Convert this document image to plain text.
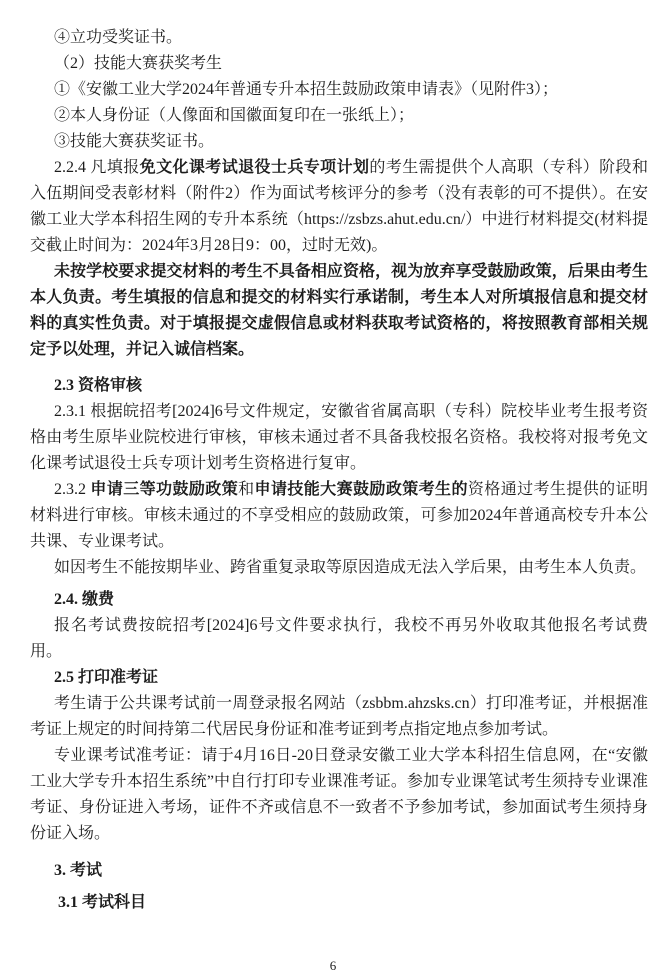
④立功受奖证书。

（2）技能大赛获奖考生

①《安徽工业大学2024年普通专升本招生鼓励政策申请表》（见附件3）；

②本人身份证（人像面和国徽面复印在一张纸上）；

③技能大赛获奖证书。

2.2.4 凡填报免文化课考试退役士兵专项计划的考生需提供个人高职（专科）阶段和入伍期间受表彰材料（附件2）作为面试考核评分的参考（没有表彰的可不提供）。在安徽工业大学本科招生网的专升本系统（https://zsbzs.ahut.edu.cn/）中进行材料提交(材料提交截止时间为：2024年3月28日9：00，过时无效)。

未按学校要求提交材料的考生不具备相应资格，视为放弃享受鼓励政策，后果由考生本人负责。考生填报的信息和提交的材料实行承诺制，考生本人对所填报信息和提交材料的真实性负责。对于填报提交虚假信息或材料获取考试资格的，将按照教育部相关规定予以处理，并记入诚信档案。

2.3 资格审核

2.3.1 根据皖招考[2024]6号文件规定，安徽省省属高职（专科）院校毕业考生报考资格由考生原毕业院校进行审核，审核未通过者不具备我校报名资格。我校将对报考免文化课考试退役士兵专项计划考生资格进行复审。

2.3.2 申请三等功鼓励政策和申请技能大赛鼓励政策考生的资格通过考生提供的证明材料进行审核。审核未通过的不享受相应的鼓励政策，可参加2024年普通高校专升本公共课、专业课考试。

如因考生不能按期毕业、跨省重复录取等原因造成无法入学后果，由考生本人负责。

2.4. 缴费

报名考试费按皖招考[2024]6号文件要求执行，我校不再另外收取其他报名考试费用。

2.5 打印准考证

考生请于公共课考试前一周登录报名网站（zsbbm.ahzsks.cn）打印准考证，并根据准考证上规定的时间持第二代居民身份证和准考证到考点指定地点参加考试。

专业课考试准考证：请于4月16日-20日登录安徽工业大学本科招生信息网，在“安徽工业大学专升本招生系统”中自行打印专业课准考证。参加专业课笔试考生须持专业课准考证、身份证进入考场，证件不齐或信息不一致者不予参加考试，参加面试考生须持身份证入场。

3. 考试

3.1 考试科目

6
